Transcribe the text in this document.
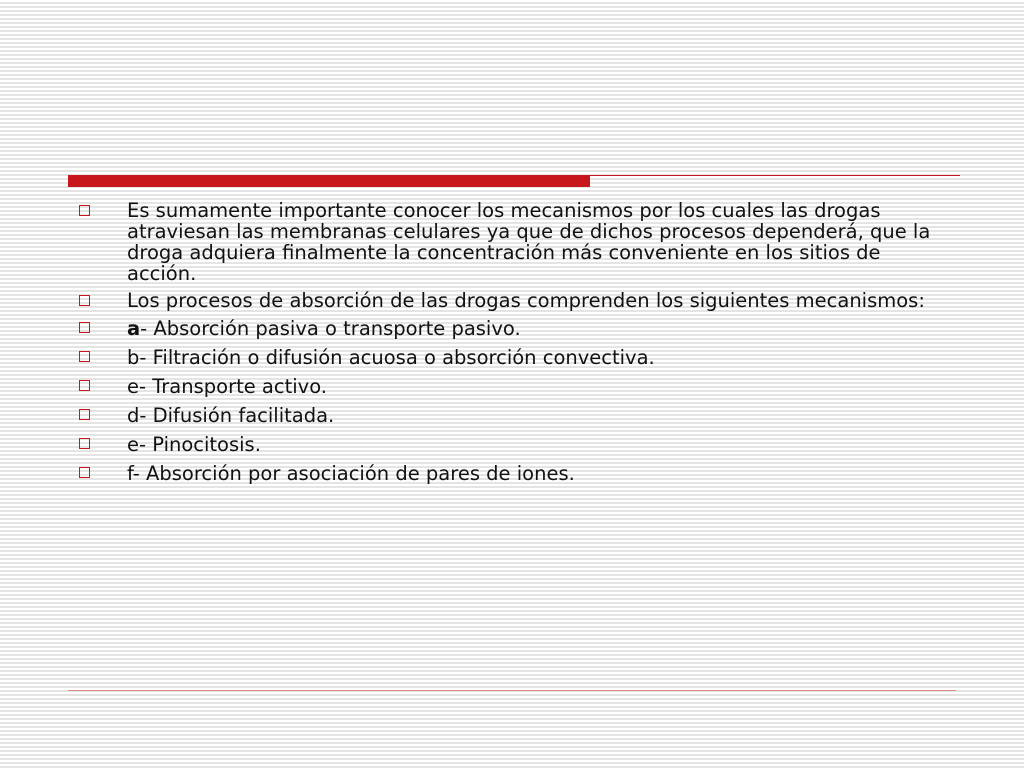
Es sumamente importante conocer los mecanismos por los cuales las drogas atraviesan las membranas celulares ya que de dichos procesos dependerá, que la droga adquiera finalmente la concentración más conveniente en los sitios de acción.
Los procesos de absorción de las drogas comprenden los siguientes mecanismos:
a- Absorción pasiva o transporte pasivo.
b- Filtración o difusión acuosa o absorción convectiva.
e- Transporte activo.
d- Difusión facilitada.
e- Pinocitosis.
f- Absorción por asociación de pares de iones.
